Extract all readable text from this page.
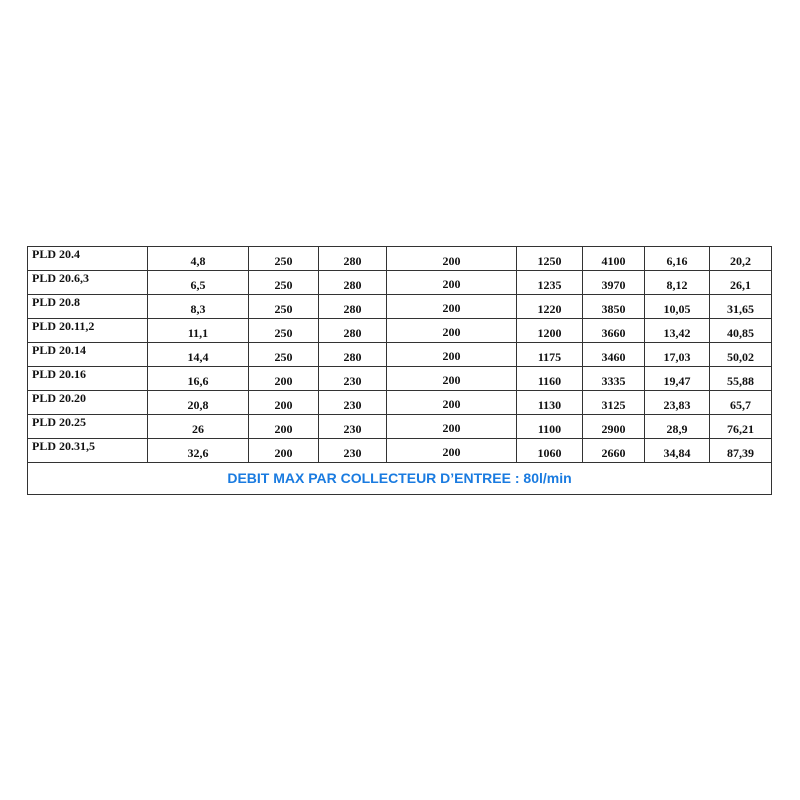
PLD 20.4	4,8	250	280	200	1250	4100	6,16	20,2
PLD 20.6,3	6,5	250	280	200	1235	3970	8,12	26,1
PLD 20.8	8,3	250	280	200	1220	3850	10,05	31,65
PLD 20.11,2	11,1	250	280	200	1200	3660	13,42	40,85
PLD 20.14	14,4	250	280	200	1175	3460	17,03	50,02
PLD 20.16	16,6	200	230	200	1160	3335	19,47	55,88
PLD 20.20	20,8	200	230	200	1130	3125	23,83	65,7
PLD 20.25	26	200	230	200	1100	2900	28,9	76,21
PLD 20.31,5	32,6	200	230	200	1060	2660	34,84	87,39
DEBIT MAX PAR COLLECTEUR D’ENTREE : 80l/min								
